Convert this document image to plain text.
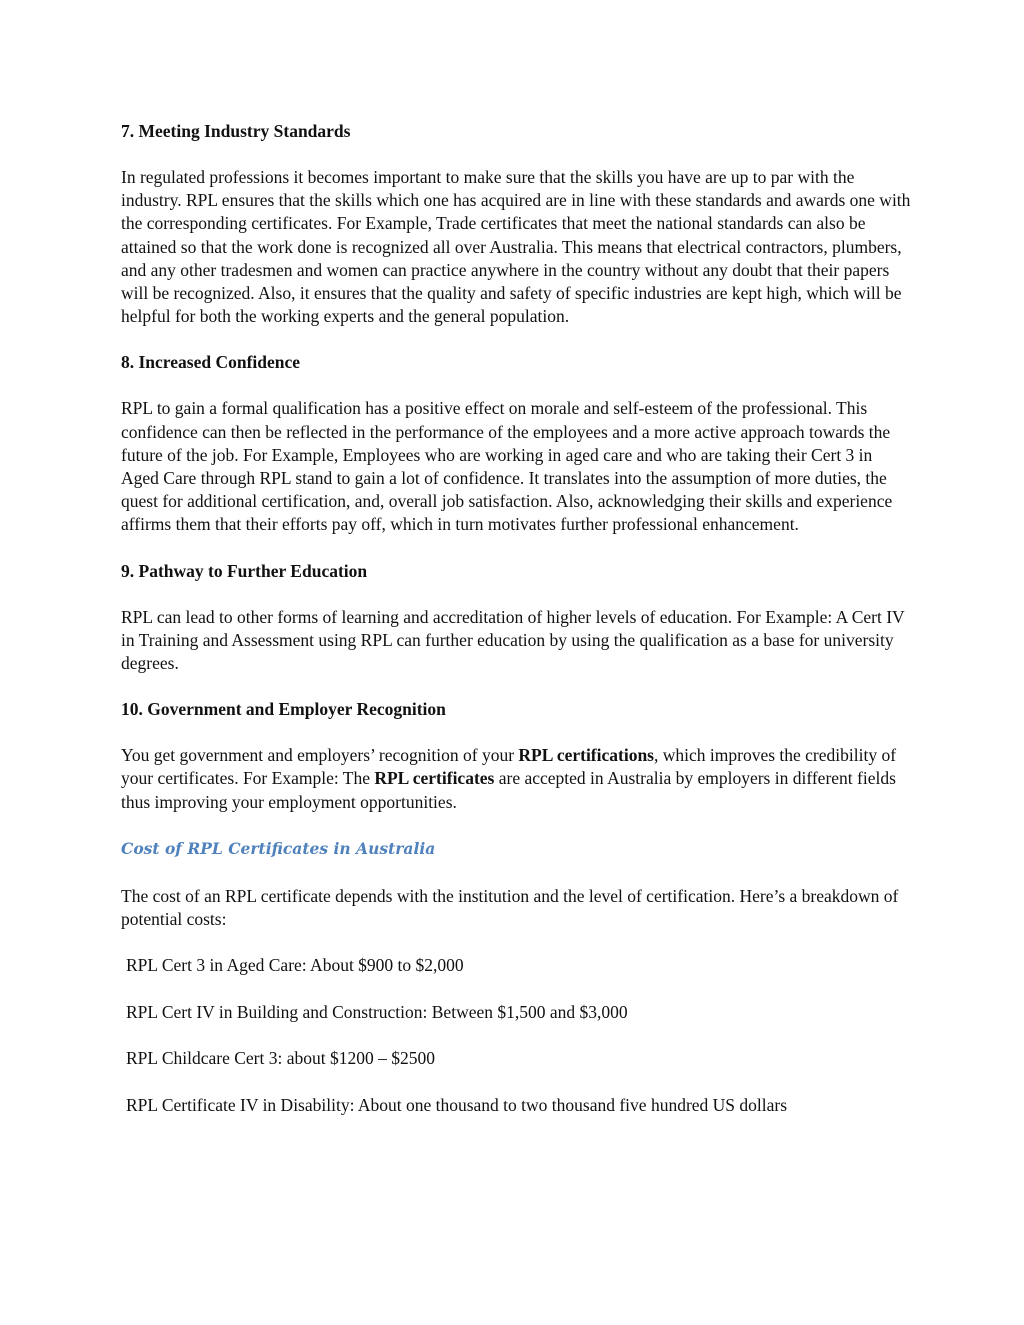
7. Meeting Industry Standards
In regulated professions it becomes important to make sure that the skills you have are up to par with the industry. RPL ensures that the skills which one has acquired are in line with these standards and awards one with the corresponding certificates. For Example, Trade certificates that meet the national standards can also be attained so that the work done is recognized all over Australia. This means that electrical contractors, plumbers, and any other tradesmen and women can practice anywhere in the country without any doubt that their papers will be recognized. Also, it ensures that the quality and safety of specific industries are kept high, which will be helpful for both the working experts and the general population.
8. Increased Confidence
RPL to gain a formal qualification has a positive effect on morale and self-esteem of the professional. This confidence can then be reflected in the performance of the employees and a more active approach towards the future of the job. For Example, Employees who are working in aged care and who are taking their Cert 3 in Aged Care through RPL stand to gain a lot of confidence. It translates into the assumption of more duties, the quest for additional certification, and, overall job satisfaction. Also, acknowledging their skills and experience affirms them that their efforts pay off, which in turn motivates further professional enhancement.
9. Pathway to Further Education
RPL can lead to other forms of learning and accreditation of higher levels of education. For Example: A Cert IV in Training and Assessment using RPL can further education by using the qualification as a base for university degrees.
10. Government and Employer Recognition
You get government and employers’ recognition of your RPL certifications, which improves the credibility of your certificates. For Example: The RPL certificates are accepted in Australia by employers in different fields thus improving your employment opportunities.
Cost of RPL Certificates in Australia
The cost of an RPL certificate depends with the institution and the level of certification. Here’s a breakdown of potential costs:
RPL Cert 3 in Aged Care: About $900 to $2,000
RPL Cert IV in Building and Construction: Between $1,500 and $3,000
RPL Childcare Cert 3: about $1200 – $2500
RPL Certificate IV in Disability: About one thousand to two thousand five hundred US dollars
